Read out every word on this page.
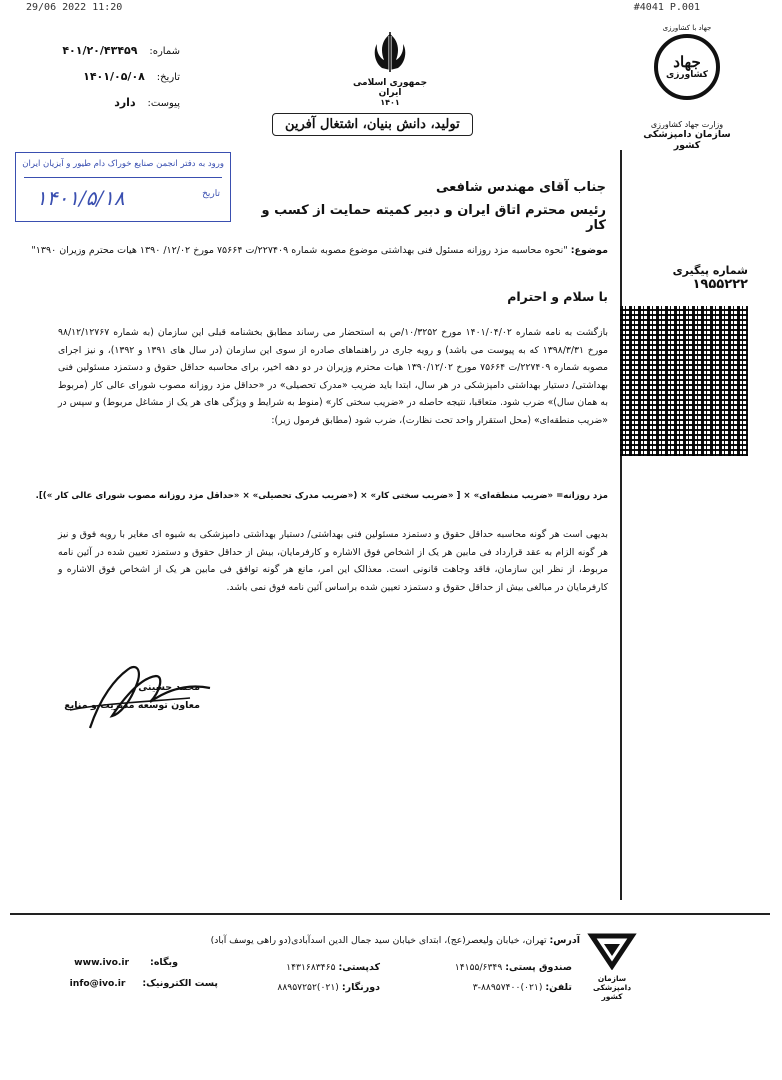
29/06 2022 11:20	#4041 P.001
شماره: ۴۰۱/۲۰/۴۳۴۵۹
تاریخ: ۱۴۰۱/۰۵/۰۸
پیوست: دارد
جمهوری اسلامی ایران
۱۴۰۱
تولید، دانش بنیان، اشتغال آفرین
جهاد با کشاورزی
جهاد
کشاورزی
وزارت جهاد کشاورزی
سازمان دامپزشکی کشور
ورود به دفتر انجمن صنایع خوراک دام طیور و آبزیان ایران
تاریخ
۱۴۰۱/۵/۱۸	جناب آقای مهندس شافعی
رئیس محترم اتاق ایران و دبیر کمیته حمایت از کسب و کار
موضوع: "نحوه محاسبه مزد روزانه مسئول فنی بهداشتی موضوع مصوبه شماره ۲۲۷۴۰۹/ت ۷۵۶۶۴ مورخ ۱۲/۰۲/ ۱۳۹۰ هیات محترم وزیران ۱۳۹۰"
شماره پیگیری
۱۹۵۵۲۲۲
با سلام و احترام
بازگشت به نامه شماره ۱۴۰۱/۰۴/۰۲ مورخ ۱۰/۳۲۵۲/ص به استحضار می رساند مطابق بخشنامه قبلی این سازمان (به شماره ۹۸/۱۲/۱۲۷۶۷ مورخ ۱۳۹۸/۳/۳۱ که به پیوست می باشد) و رویه جاری در راهنماهای صادره از سوی این سازمان (در سال های ۱۳۹۱ و ۱۳۹۲)، و نیز اجرای مصوبه شماره ۲۲۷۴۰۹/ت ۷۵۶۶۴ مورخ ۱۳۹۰/۱۲/۰۲ هیات محترم وزیران در دو دهه اخیر، برای محاسبه حداقل حقوق و دستمزد مسئولین فنی بهداشتی/ دستیار بهداشتی دامپزشکی در هر سال، ابتدا باید ضریب «مدرک تحصیلی» در «حداقل مزد روزانه مصوب شورای عالی کار (مربوط به همان سال)» ضرب شود. متعاقبا، نتیجه حاصله در «ضریب سختی کار» (منوط به شرایط و ویژگی های هر یک از مشاغل مربوط) و سپس در «ضریب منطقه‌ای» (محل استقرار واحد تحت نظارت)، ضرب شود (مطابق فرمول زیر):
مزد روزانه= «ضریب منطقه‌ای» × [ «ضریب سختی کار» × («ضریب مدرک تحصیلی» × «حداقل مزد روزانه مصوب شورای عالی کار »)].
بدیهی است هر گونه محاسبه حداقل حقوق و دستمزد مسئولین فنی بهداشتی/ دستیار بهداشتی دامپزشکی به شیوه ای مغایر با رویه فوق و نیز هر گونه الزام به عقد قرارداد فی مابین هر یک از اشخاص فوق الاشاره و کارفرمایان، بیش از حداقل حقوق و دستمزد تعیین شده در آئین نامه مربوط، از نظر این سازمان، فاقد وجاهت قانونی است. معذالک این امر، مانع هر گونه توافق فی مابین هر یک از اشخاص فوق الاشاره و کارفرمایان در مبالغی بیش از حداقل حقوق و دستمزد تعیین شده براساس آئین نامه فوق نمی باشد.
محمد حسینی
معاون توسعه مدیریت و منابع
سازمان دامپزشکی کشور
آدرس: تهران، خیابان ولیعصر(عج)، ابتدای خیابان سید جمال الدین اسدآبادی(دو راهی یوسف آباد)
صندوق پستی: ۱۴۱۵۵/۶۳۴۹
کدپستی: ۱۴۳۱۶۸۳۴۶۵
وبگاه: www.ivo.ir
تلفن: (۰۲۱)۸۸۹۵۷۴۰۰-۳
دورنگار: (۰۲۱)۸۸۹۵۷۲۵۲
پست الکترونیک: info@ivo.ir
